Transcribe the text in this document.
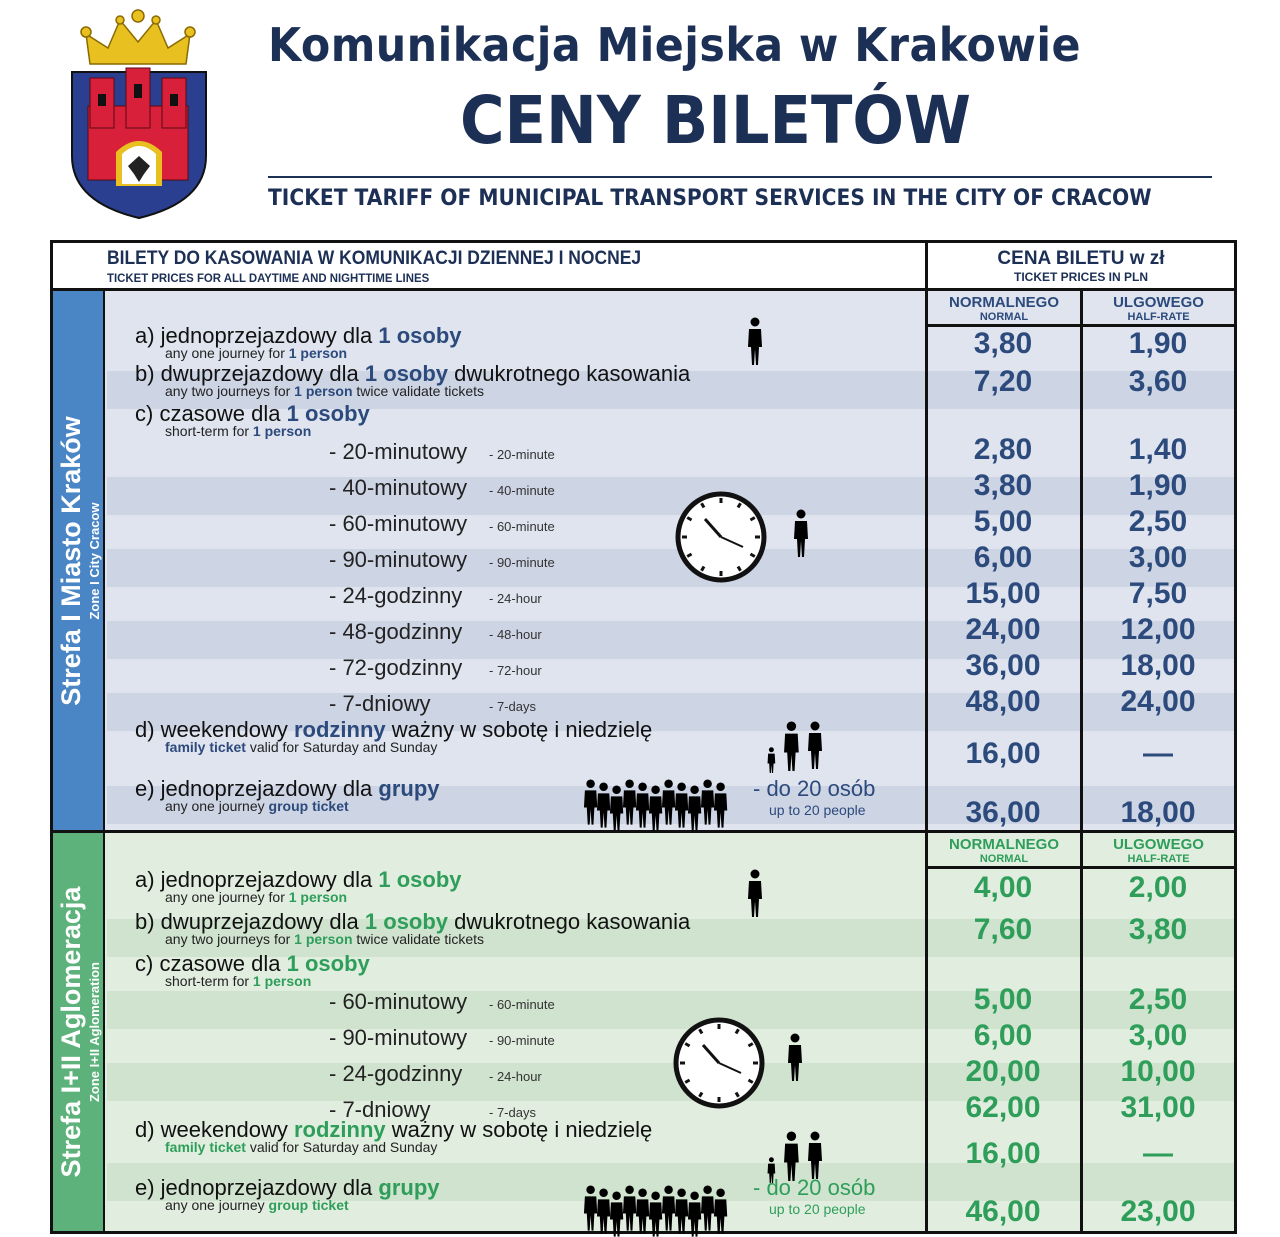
Komunikacja Miejska w Krakowie
CENY BILETÓW
TICKET TARIFF OF MUNICIPAL TRANSPORT SERVICES IN THE CITY OF CRACOW
BILETY DO KASOWANIA W KOMUNIKACJI DZIENNEJ I NOCNEJ
TICKET PRICES FOR ALL DAYTIME AND NIGHTTIME LINES
CENA BILETU w zł
TICKET PRICES IN PLN
Strefa I Miasto Kraków Zone I City Cracow
NORMALNEGO
NORMAL
ULGOWEGO
HALF-RATE
a) jednoprzejazdowy dla 1 osoby
any one journey for 1 person	3,80	1,90
b) dwuprzejazdowy dla 1 osoby dwukrotnego kasowania
any two journeys for 1 person twice validate tickets	7,20	3,60
c) czasowe dla 1 osoby
short-term for 1 person
d) weekendowy rodzinny ważny w sobotę i niedzielę
family ticket valid for Saturday and Sunday	16,00	—
e) jednoprzejazdowy dla grupy
any one journey group ticket	36,00	18,00
- do 20 osób
up to 20 people
- 20-minutowy - 20-minute	2,80	1,40
- 40-minutowy - 40-minute	3,80	1,90
- 60-minutowy - 60-minute	5,00	2,50
- 90-minutowy - 90-minute	6,00	3,00
- 24-godzinny - 24-hour	15,00	7,50
- 48-godzinny - 48-hour	24,00	12,00
- 72-godzinny - 72-hour	36,00	18,00
- 7-dniowy	- 7-days	48,00	24,00
Strefa I+II Aglomeracja Zone I+II Aglomeration
NORMALNEGO
NORMAL
ULGOWEGO
HALF-RATE
a) jednoprzejazdowy dla 1 osoby
any one journey for 1 person	4,00	2,00
b) dwuprzejazdowy dla 1 osoby dwukrotnego kasowania
any two journeys for 1 person twice validate tickets	7,60	3,80
c) czasowe dla 1 osoby
short-term for 1 person
d) weekendowy rodzinny ważny w sobotę i niedzielę
family ticket valid for Saturday and Sunday	16,00	—
e) jednoprzejazdowy dla grupy
any one journey group ticket	46,00	23,00
- do 20 osób
up to 20 people
- 60-minutowy - 60-minute	5,00	2,50
- 90-minutowy - 90-minute	6,00	3,00
- 24-godzinny - 24-hour	20,00	10,00
- 7-dniowy	- 7-days	62,00	31,00
